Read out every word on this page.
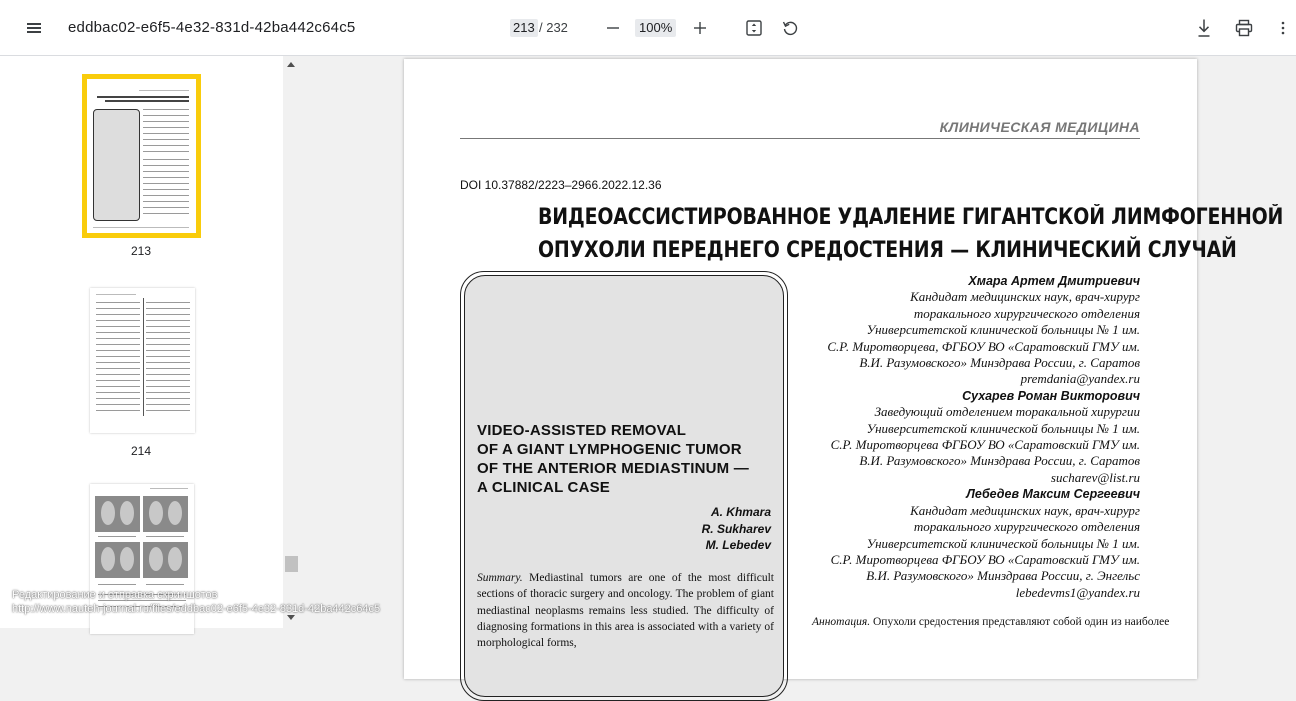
eddbac02-e6f5-4e32-831d-42ba442c64c5	213 / 232	100%
213
214
КЛИНИЧЕСКАЯ МЕДИЦИНА
DOI 10.37882/2223–2966.2022.12.36
ВИДЕОАССИСТИРОВАННОЕ УДАЛЕНИЕ ГИГАНТСКОЙ ЛИМФОГЕННОЙ
ОПУХОЛИ ПЕРЕДНЕГО СРЕДОСТЕНИЯ — КЛИНИЧЕСКИЙ СЛУЧАЙ
VIDEO-ASSISTED REMOVAL
OF A GIANT LYMPHOGENIC TUMOR
OF THE ANTERIOR MEDIASTINUM —
A CLINICAL CASE
A. Khmara
R. Sukharev
M. Lebedev
Summary. Mediastinal tumors are one of the most difficult sections of thoracic surgery and oncology. The problem of giant mediastinal neoplasms remains less studied. The difficulty of diagnosing formations in this area is associated with a variety of morphological forms,
Хмара Артем Дмитриевич
Кандидат медицинских наук, врач-хирург
торакального хирургического отделения
Университетской клинической больницы № 1 им.
С.Р. Миротворцева, ФГБОУ ВО «Саратовский ГМУ им.
В.И. Разумовского» Минздрава России, г. Саратов
premdania@yandex.ru
Сухарев Роман Викторович
Заведующий отделением торакальной хирургии
Университетской клинической больницы № 1 им.
С.Р. Миротворцева ФГБОУ ВО «Саратовский ГМУ им.
В.И. Разумовского» Минздрава России, г. Саратов
sucharev@list.ru
Лебедев Максим Сергеевич
Кандидат медицинских наук, врач-хирург
торакального хирургического отделения
Университетской клинической больницы № 1 им.
С.Р. Миротворцева ФГБОУ ВО «Саратовский ГМУ им.
В.И. Разумовского» Минздрава России, г. Энгельс
lebedevms1@yandex.ru
Аннотация. Опухоли средостения представляют собой один из наиболее
Редактирование и отправка скриншотов
http://www.nauteh-journal.ru/files/eddbac02-e6f5-4e32-831d-42ba442c64c5
